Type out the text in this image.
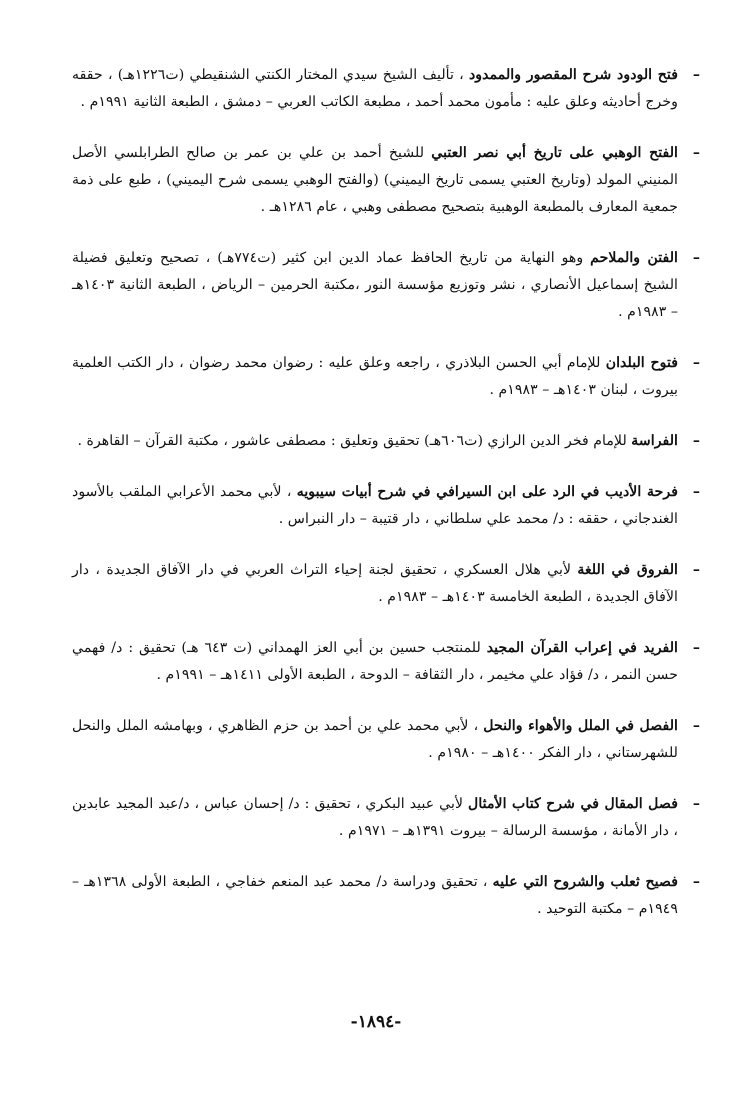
–
فتح الودود شرح المقصور والممدود ، تأليف الشيخ سيدي المختار الكنتي الشنقيطي (ت١٢٢٦هـ) ، حققه وخرج أحاديثه وعلق عليه : مأمون محمد أحمد ، مطبعة الكاتب العربي – دمشق ، الطبعة الثانية ١٩٩١م .

–
الفتح الوهبي على تاريخ أبي نصر العتبي للشيخ أحمد بن علي بن عمر بن صالح الطرابلسي الأصل المنيني المولد (وتاريخ العتبي يسمى تاريخ اليميني) (والفتح الوهبي يسمى شرح اليميني) ، طبع على ذمة جمعية المعارف بالمطبعة الوهبية بتصحيح مصطفى وهبي ، عام ١٢٨٦هـ .

–
الفتن والملاحم وهو النهاية من تاريخ الحافظ عماد الدين ابن كثير (ت٧٧٤هـ) ، تصحيح وتعليق فضيلة الشيخ إسماعيل الأنصاري ، نشر وتوزيع مؤسسة النور ،مكتبة الحرمين – الرياض ، الطبعة الثانية ١٤٠٣هـ – ١٩٨٣م .

–
فتوح البلدان للإمام أبي الحسن البلاذري ، راجعه وعلق عليه : رضوان محمد رضوان ، دار الكتب العلمية بيروت ، لبنان ١٤٠٣هـ – ١٩٨٣م .

–
الفراسة للإمام فخر الدين الرازي (ت٦٠٦هـ) تحقيق وتعليق : مصطفى عاشور ، مكتبة القرآن – القاهرة .

–
فرحة الأديب في الرد على ابن السيرافي في شرح أبيات سيبويه ، لأبي محمد الأعرابي الملقب بالأسود الغندجاني ، حققه : د/ محمد علي سلطاني ، دار قتيبة – دار النبراس .

–
الفروق في اللغة لأبي هلال العسكري ، تحقيق لجنة إحياء التراث العربي في دار الآفاق الجديدة ، دار الآفاق الجديدة ، الطبعة الخامسة ١٤٠٣هـ – ١٩٨٣م .

–
الفريد في إعراب القرآن المجيد للمنتجب حسين بن أبي العز الهمداني (ت ٦٤٣ هـ) تحقيق : د/ فهمي حسن النمر ، د/ فؤاد علي مخيمر ، دار الثقافة – الدوحة ، الطبعة الأولى ١٤١١هـ – ١٩٩١م .

–
الفصل في الملل والأهواء والنحل ، لأبي محمد علي بن أحمد بن حزم الظاهري ، وبهامشه الملل والنحل للشهرستاني ، دار الفكر ١٤٠٠هـ – ١٩٨٠م .

–
فصل المقال في شرح كتاب الأمثال لأبي عبيد البكري ، تحقيق : د/ إحسان عباس ، د/عبد المجيد عابدين ، دار الأمانة ، مؤسسة الرسالة – بيروت ١٣٩١هـ – ١٩٧١م .

–
فصيح ثعلب والشروح التي عليه ، تحقيق ودراسة د/ محمد عبد المنعم خفاجي ، الطبعة الأولى ١٣٦٨هـ – ١٩٤٩م – مكتبة التوحيد .

-١٨٩٤-
